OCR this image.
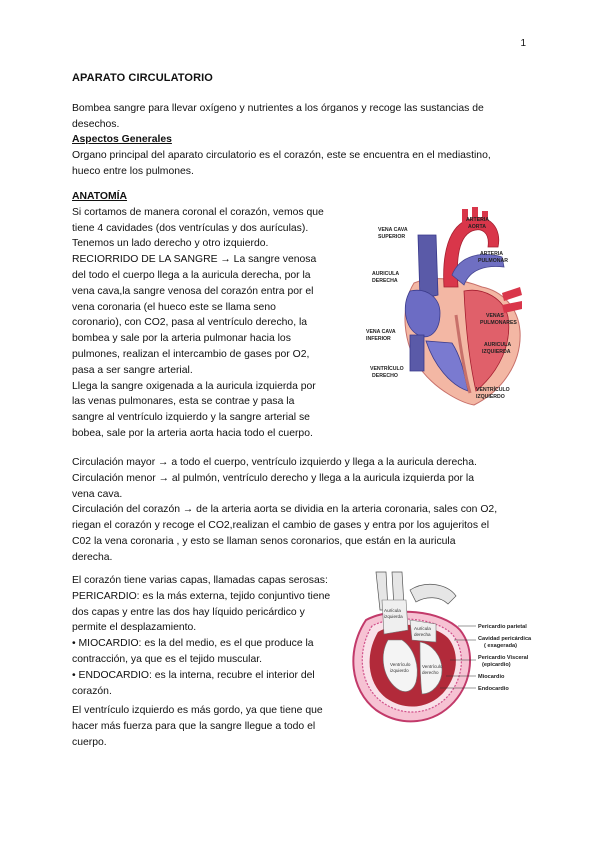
1
APARATO CIRCULATORIO
Bombea sangre para llevar oxígeno y nutrientes a los órganos y recoge las sustancias de
desechos.
Aspectos Generales
Organo principal del aparato circulatorio es el corazón, este se encuentra en el mediastino,
hueco entre los pulmones.
ANATOMÍA
Si cortamos de manera coronal el corazón, vemos que
tiene 4 cavidades (dos ventrículas y dos aurículas).
Tenemos un lado derecho y otro izquierdo.
RECIORRIDO DE LA SANGRE → La sangre venosa
del todo el cuerpo llega a la auricula derecha, por la
vena cava,la sangre venosa del corazón entra por el
vena coronaria (el hueco este se llama seno
coronario), con CO2, pasa al ventrículo derecho, la
bombea y sale por la arteria pulmonar hacia los
pulmones, realizan el intercambio de gases por O2,
pasa a ser sangre arterial.
Llega la sangre oxigenada a la auricula izquierda por
las venas pulmonares, esta se contrae y pasa la
sangre al ventrículo izquierdo y la sangre arterial se
bobea, sale por la arteria aorta hacia todo el cuerpo.
ARTERIA
AORTA
VENA CAVA
SUPERIOR
ARTERIA
PULMONAR
AURICULA
DERECHA
VENAS
PULMONARES
VENA CAVA
INFERIOR
AURICULA
IZQUIERDA
VENTRÍCULO
DERECHO
VENTRÍCULO
IZQUIERDO
Circulación mayor → a todo el cuerpo, ventrículo izquierdo y llega a la auricula derecha.
Circulación menor → al pulmón, ventrículo derecho y llega a la auricula izquierda por la
vena cava.
Circulación del corazón → de la arteria aorta se dividia en la arteria coronaria, sales con O2,
riegan el corazón y recoge el CO2,realizan el cambio de gases y entra por los agujeritos el
C02 la vena coronaria , y esto se llaman senos coronarios, que están en la auricula
derecha.
El corazón tiene varias capas, llamadas capas serosas:
PERICARDIO: es la más externa, tejido conjuntivo tiene
dos capas y entre las dos hay líquido pericárdico y
permite el desplazamiento.
• MIOCARDIO: es la del medio, es el que produce la
contracción, ya que es el tejido muscular.
• ENDOCARDIO: es la interna, recubre el interior del
corazón.
El ventrículo izquierdo es más gordo, ya que tiene que
hacer más fuerza para que la sangre llegue a todo el
cuerpo.
Aurícula
izquierda
Aurícula
derecha
Ventrículo
izquierdo
Ventrículo
derecho
Pericardio parietal
Cavidad pericárdica
( exagerada)
Pericardio Visceral
(epicardio)
Miocardio
Endocardio
